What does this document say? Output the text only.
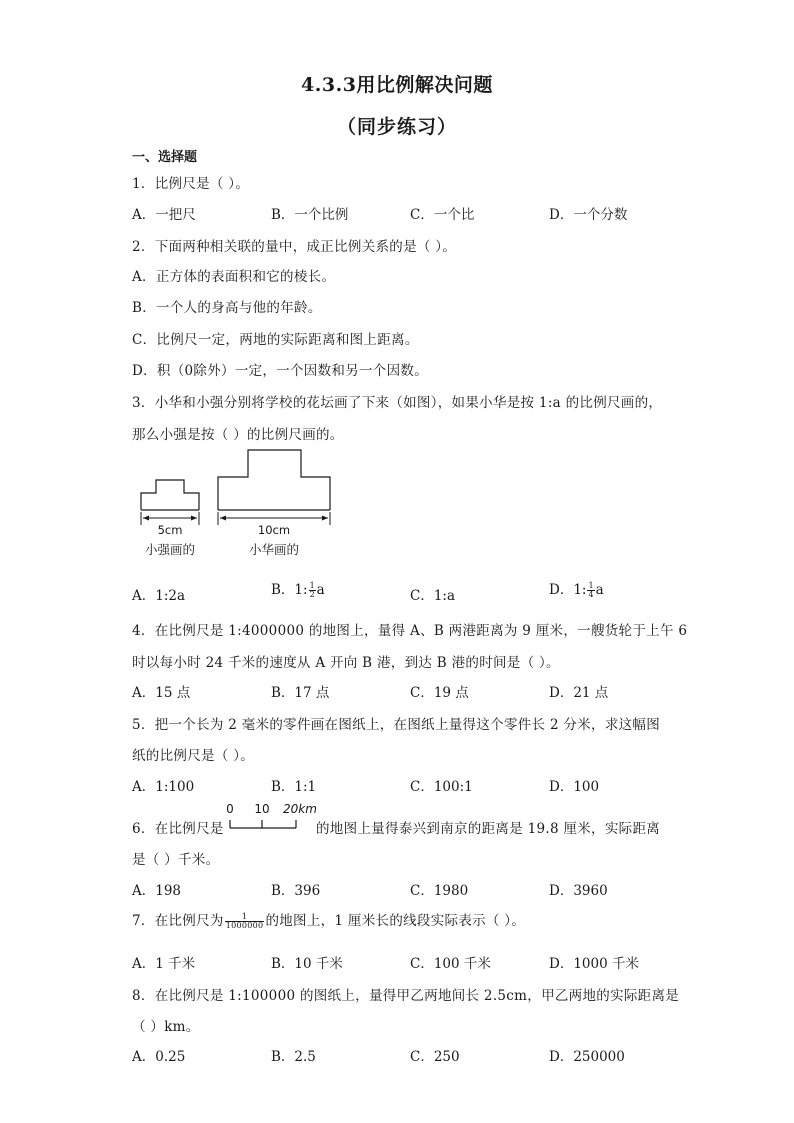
4.3.3用比例解决问题
（同步练习）
一、选择题
1．比例尺是（ ）。
A．一把尺	B．一个比例	C．一个比	D．一个分数
2．下面两种相关联的量中，成正比例关系的是（ ）。
A．正方体的表面积和它的棱长。
B．一个人的身高与他的年龄。
C．比例尺一定，两地的实际距离和图上距离。
D．积（0除外）一定，一个因数和另一个因数。
3．小华和小强分别将学校的花坛画了下来（如图），如果小华是按 1:a 的比例尺画的，
那么小强是按（ ）的比例尺画的。
5cm
小强画的
10cm
小华画的
A．1:2a	B．1: $\frac{1}{2}$ a	C．1:a	D．1: $\frac{1}{4}$ a
4．在比例尺是 1:4000000 的地图上，量得 A、B 两港距离为 9 厘米，一艘货轮于上午 6
时以每小时 24 千米的速度从 A 开向 B 港，到达 B 港的时间是（ ）。
A．15 点	B．17 点	C．19 点	D．21 点
5．把一个长为 2 毫米的零件画在图纸上，在图纸上量得这个零件长 2 分米，求这幅图
纸的比例尺是（ ）。
A．1:100	B．1:1	C．100:1	D．100
0 10 20km
6．在比例尺是	的地图上量得泰兴到南京的距离是 19.8 厘米，实际距离
是（ ）千米。
A．198	B．396	C．1980	D．3960
7．在比例尺为 $\frac{1}{1000000}$ 的地图上，1 厘米长的线段实际表示（ ）。
A．1 千米	B．10 千米	C．100 千米	D．1000 千米
8．在比例尺是 1:100000 的图纸上，量得甲乙两地间长 2.5cm，甲乙两地的实际距离是
（ ）km。
A．0.25	B．2.5	C．250	D．250000
